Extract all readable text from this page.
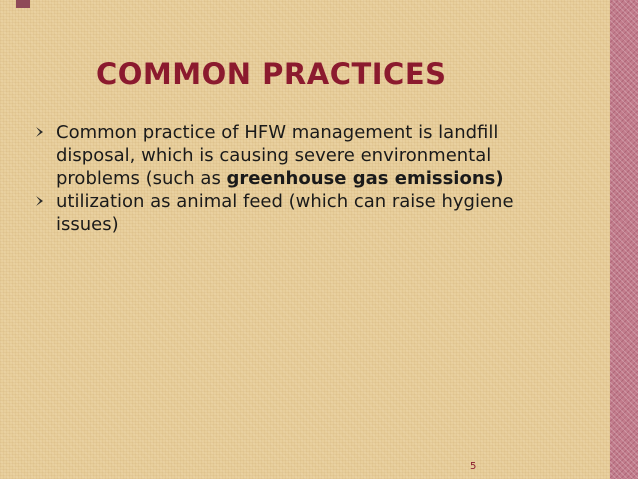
COMMON PRACTICES
Common practice of HFW management is landfill disposal, which is causing severe environmental problems (such as greenhouse gas emissions)
utilization as animal feed (which can raise hygiene issues)
5
